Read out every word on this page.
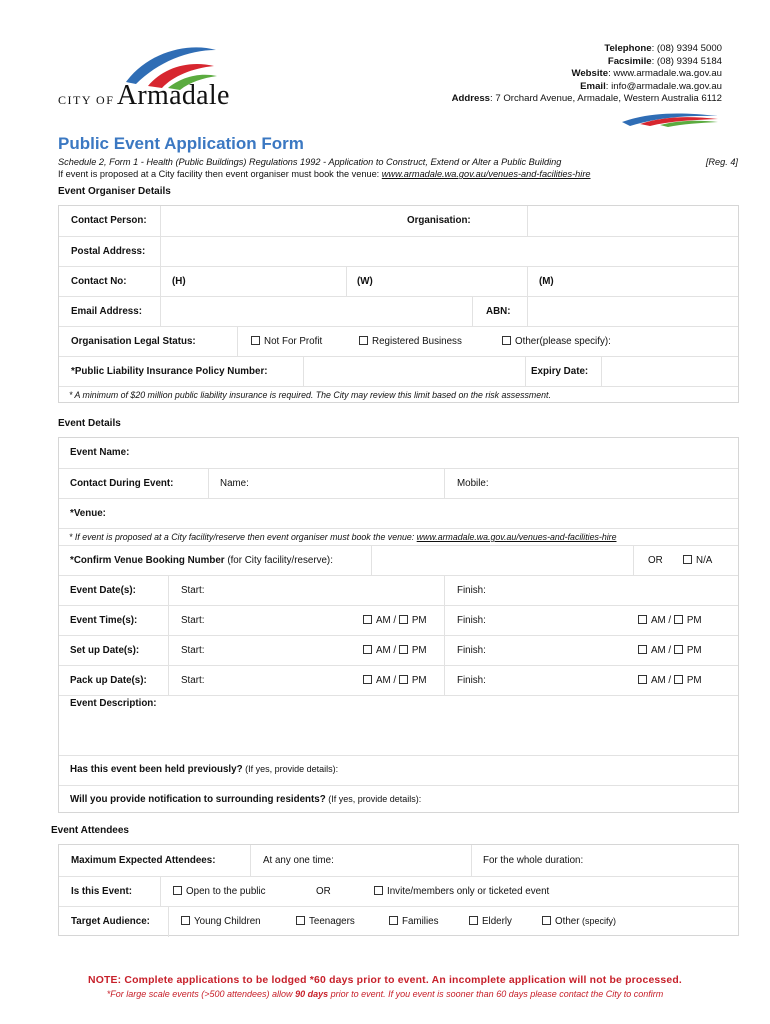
CITY OF Armadale
Telephone: (08) 9394 5000
Facsimile: (08) 9394 5184
Website: www.armadale.wa.gov.au
Email: info@armadale.wa.gov.au
Address: 7 Orchard Avenue, Armadale, Western Australia 6112
Public Event Application Form
Schedule 2, Form 1 - Health (Public Buildings) Regulations 1992 - Application to Construct, Extend or Alter a Public Building	[Reg. 4]
If event is proposed at a City facility then event organiser must book the venue: www.armadale.wa.gov.au/venues-and-facilities-hire
Event Organiser Details
Contact Person:	Organisation:
Postal Address:
Contact No:	(H)	(W)	(M)
Email Address:	ABN:
Organisation Legal Status:	Not For Profit	Registered Business	Other(please specify):
*Public Liability Insurance Policy Number:	Expiry Date:
* A minimum of $20 million public liability insurance is required. The City may review this limit based on the risk assessment.
Event Details
Event Name:
Contact During Event:	Name:	Mobile:
*Venue:
* If event is proposed at a City facility/reserve then event organiser must book the venue: www.armadale.wa.gov.au/venues-and-facilities-hire
*Confirm Venue Booking Number (for City facility/reserve):	OR	N/A
Event Date(s):	Start:	Finish:
Event Time(s):	Start:	AM / PM	Finish:	AM / PM
Set up Date(s):	Start:	AM / PM	Finish:	AM / PM
Pack up Date(s):	Start:	AM / PM	Finish:	AM / PM
Event Description:
Has this event been held previously? (If yes, provide details):
Will you provide notification to surrounding residents? (If yes, provide details):
Event Attendees
Maximum Expected Attendees:	At any one time:	For the whole duration:
Is this Event:	Open to the public	OR	Invite/members only or ticketed event
Target Audience:	Young Children	Teenagers	Families	Elderly	Other (specify)
NOTE: Complete applications to be lodged *60 days prior to event. An incomplete application will not be processed.
*For large scale events (>500 attendees) allow 90 days prior to event. If you event is sooner than 60 days please contact the City to confirm
